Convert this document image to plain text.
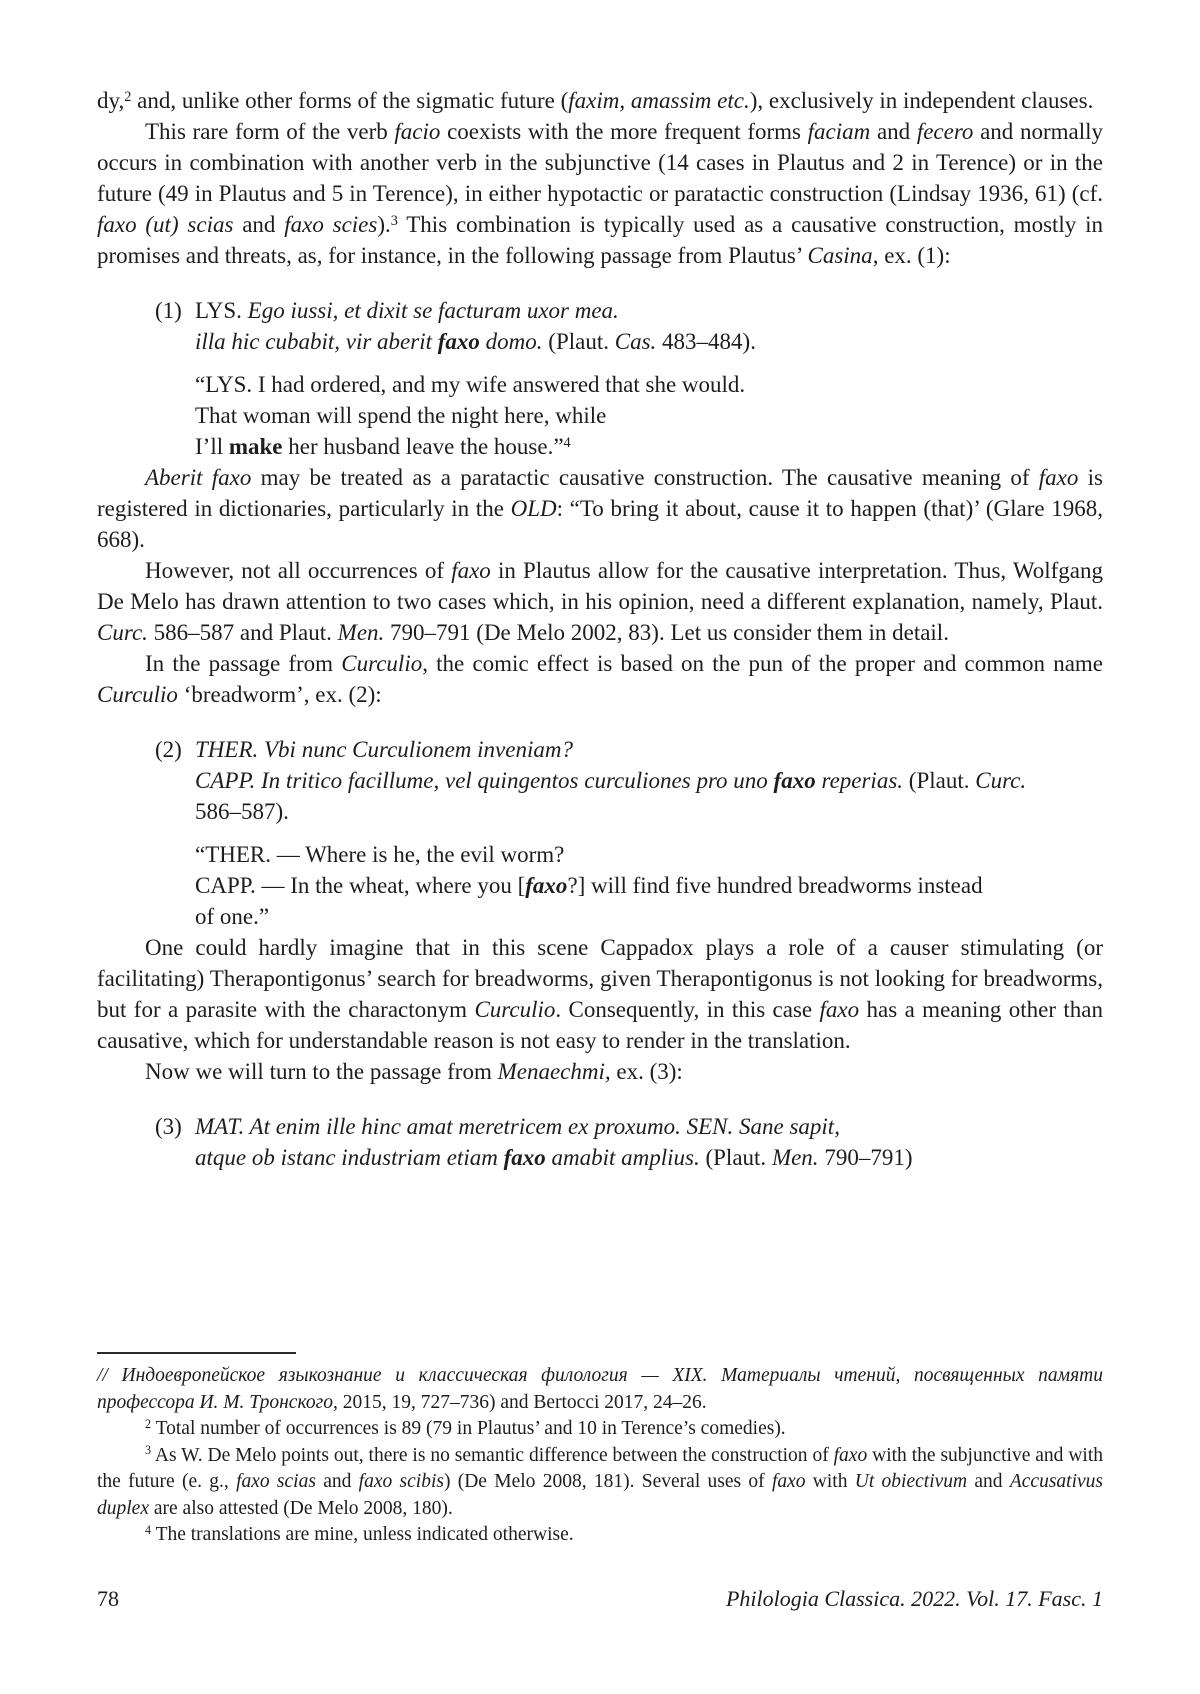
dy,$^2$ and, unlike other forms of the sigmatic future (faxim, amassim etc.), exclusively in independent clauses.

This rare form of the verb facio coexists with the more frequent forms faciam and fecero and normally occurs in combination with another verb in the subjunctive (14 cases in Plautus and 2 in Terence) or in the future (49 in Plautus and 5 in Terence), in either hypotactic or paratactic construction (Lindsay 1936, 61) (cf. faxo (ut) scias and faxo scies).$^3$ This combination is typically used as a causative construction, mostly in promises and threats, as, for instance, in the following passage from Plautus’ Casina, ex. (1):

(1) LYS. Ego iussi, et dixit se facturam uxor mea.
illa hic cubabit, vir aberit faxo domo. (Plaut. Cas. 483–484).
“LYS. I had ordered, and my wife answered that she would.
That woman will spend the night here, while
I’ll make her husband leave the house.”$^4$

Aberit faxo may be treated as a paratactic causative construction. The causative meaning of faxo is registered in dictionaries, particularly in the OLD: “To bring it about, cause it to happen (that)’ (Glare 1968, 668).

However, not all occurrences of faxo in Plautus allow for the causative interpretation. Thus, Wolfgang De Melo has drawn attention to two cases which, in his opinion, need a different explanation, namely, Plaut. Curc. 586–587 and Plaut. Men. 790–791 (De Melo 2002, 83). Let us consider them in detail.

In the passage from Curculio, the comic effect is based on the pun of the proper and common name Curculio ‘breadworm’, ex. (2):

(2) THER. Vbi nunc Curculionem inveniam?
CAPP. In tritico facillume, vel quingentos curculiones pro uno faxo reperias. (Plaut. Curc.
586–587).
“THER. — Where is he, the evil worm?
CAPP. — In the wheat, where you [faxo?] will find five hundred breadworms instead
of one.”

One could hardly imagine that in this scene Cappadox plays a role of a causer stimulating (or facilitating) Therapontigonus’ search for breadworms, given Therapontigonus is not looking for breadworms, but for a parasite with the charactonym Curculio. Consequently, in this case faxo has a meaning other than causative, which for understandable reason is not easy to render in the translation.

Now we will turn to the passage from Menaechmi, ex. (3):

(3) MAT. At enim ille hinc amat meretricem ex proxumo. SEN. Sane sapit,
atque ob istanc industriam etiam faxo amabit amplius. (Plaut. Men. 790–791)

// Индоевропейское языкознание и классическая филология — XIX. Материалы чтений, посвященных памяти профессора И. М. Тронского, 2015, 19, 727–736) and Bertocci 2017, 24–26.

$^2$ Total number of occurrences is 89 (79 in Plautus’ and 10 in Terence’s comedies).

$^3$ As W. De Melo points out, there is no semantic difference between the construction of faxo with the subjunctive and with the future (e. g., faxo scias and faxo scibis) (De Melo 2008, 181). Several uses of faxo with Ut obiectivum and Accusativus duplex are also attested (De Melo 2008, 180).

$^4$ The translations are mine, unless indicated otherwise.

78	Philologia Classica. 2022. Vol. 17. Fasc. 1
